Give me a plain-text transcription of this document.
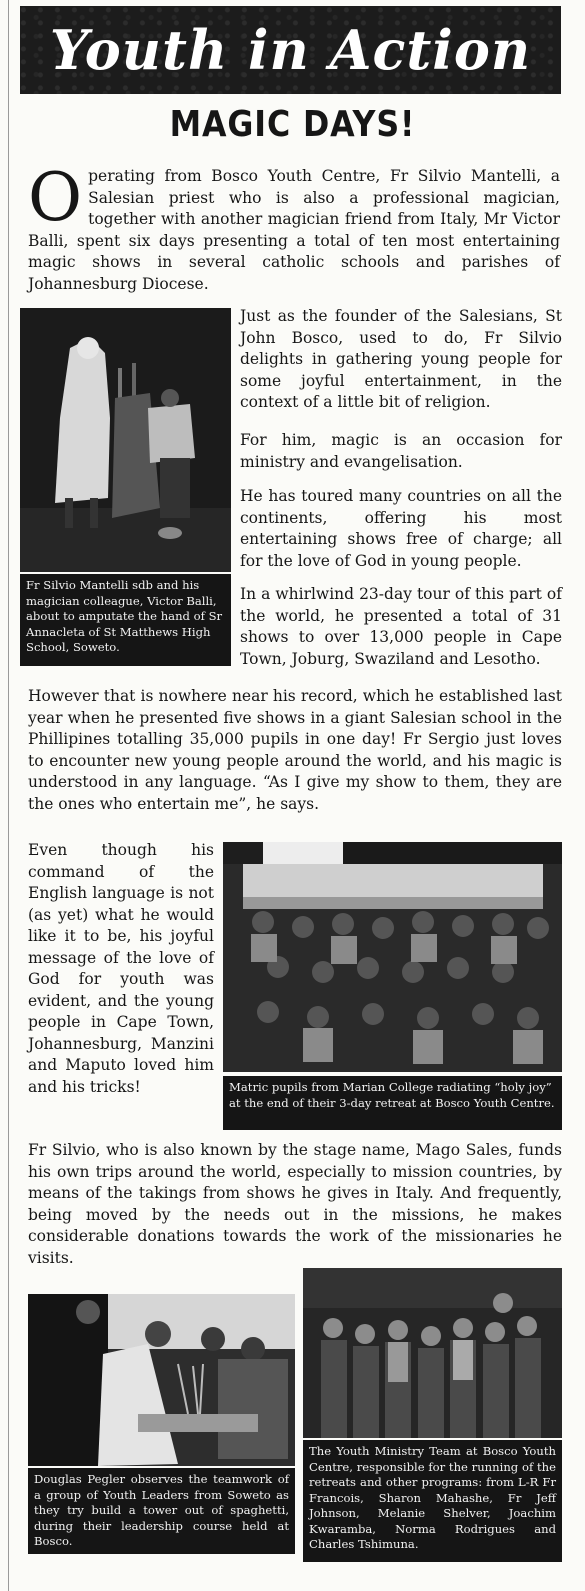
Youth in Action
MAGIC DAYS!

O perating from Bosco Youth Centre, Fr Silvio Mantelli, a Salesian priest who is also a professional magician, together with another magician friend from Italy, Mr Victor Balli, spent six days presenting a total of ten most entertaining magic shows in several catholic schools and parishes of Johannesburg Diocese.

Fr Silvio Mantelli sdb and his magician colleague, Victor Balli, about to amputate the hand of Sr Annacleta of St Matthews High School, Soweto.

Just as the founder of the Salesians, St John Bosco, used to do, Fr Silvio delights in gathering young people for some joyful entertainment, in the context of a little bit of religion.

For him, magic is an occasion for ministry and evangelisation.

He has toured many countries on all the continents, offering his most entertaining shows free of charge; all for the love of God in young people.

In a whirlwind 23-day tour of this part of the world, he presented a total of 31 shows to over 13,000 people in Cape Town, Joburg, Swaziland and Lesotho.

However that is nowhere near his record, which he established last year when he presented five shows in a giant Salesian school in the Phillipines totalling 35,000 pupils in one day! Fr Sergio just loves to encounter new young people around the world, and his magic is understood in any language. “As I give my show to them, they are the ones who entertain me”, he says.

Even though his command of the English language is not (as yet) what he would like it to be, his joyful message of the love of God for youth was evident, and the young people in Cape Town, Johannesburg, Manzini and Maputo loved him and his tricks!	Matric pupils from Marian College radiating “holy joy” at the end of their 3-day retreat at Bosco Youth Centre.

Fr Silvio, who is also known by the stage name, Mago Sales, funds his own trips around the world, especially to mission countries, by means of the takings from shows he gives in Italy. And frequently, being moved by the needs out in the missions, he makes considerable donations towards the work of the missionaries he visits.

Douglas Pegler observes the teamwork of a group of Youth Leaders from Soweto as they try build a tower out of spaghetti, during their leadership course held at Bosco.
The Youth Ministry Team at Bosco Youth Centre, responsible for the running of the retreats and other programs: from L-R Fr Francois, Sharon Mahashe, Fr Jeff Johnson, Melanie Shelver, Joachim Kwaramba, Norma Rodrigues and Charles Tshimuna.
